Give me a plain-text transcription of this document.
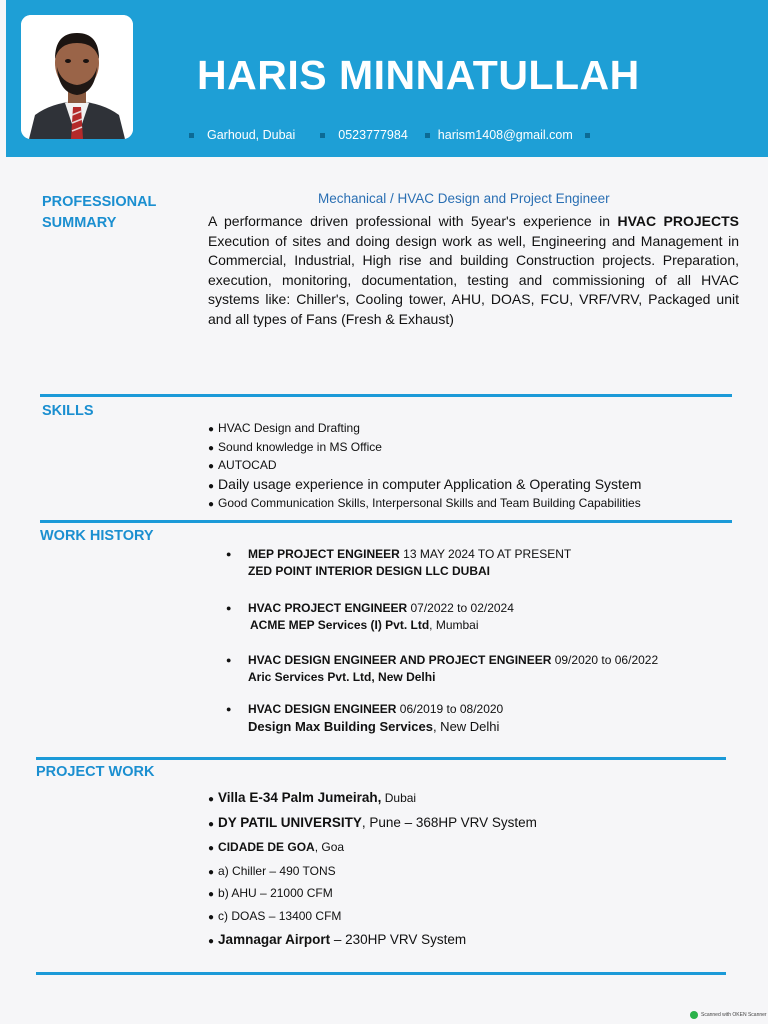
HARIS MINNATULLAH
Garhoud, Dubai	0523777984 harism1408@gmail.com
PROFESSIONAL
SUMMARY
Mechanical / HVAC Design and Project Engineer
A performance driven professional with 5year's experience in HVAC PROJECTS Execution of sites and doing design work as well, Engineering and Management in Commercial, Industrial, High rise and building Construction projects. Preparation, execution, monitoring, documentation, testing and commissioning of all HVAC systems like: Chiller's, Cooling tower, AHU, DOAS, FCU, VRF/VRV, Packaged unit and all types of Fans (Fresh & Exhaust)
SKILLS
● HVAC Design and Drafting
● Sound knowledge in MS Office
● AUTOCAD
● Daily usage experience in computer Application & Operating System
● Good Communication Skills, Interpersonal Skills and Team Building Capabilities
WORK HISTORY
●	MEP PROJECT ENGINEER 13 MAY 2024 TO AT PRESENT
ZED POINT INTERIOR DESIGN LLC DUBAI
●	HVAC PROJECT ENGINEER 07/2022 to 02/2024
ACME MEP Services (I) Pvt. Ltd, Mumbai
●	HVAC DESIGN ENGINEER AND PROJECT ENGINEER 09/2020 to 06/2022
Aric Services Pvt. Ltd, New Delhi
●	HVAC DESIGN ENGINEER 06/2019 to 08/2020
Design Max Building Services, New Delhi
PROJECT WORK
● Villa E-34 Palm Jumeirah, Dubai
● DY PATIL UNIVERSITY, Pune – 368HP VRV System
● CIDADE DE GOA, Goa
● a) Chiller – 490 TONS
● b) AHU – 21000 CFM
● c) DOAS – 13400 CFM
● Jamnagar Airport – 230HP VRV System
Scanned with OKEN Scanner
